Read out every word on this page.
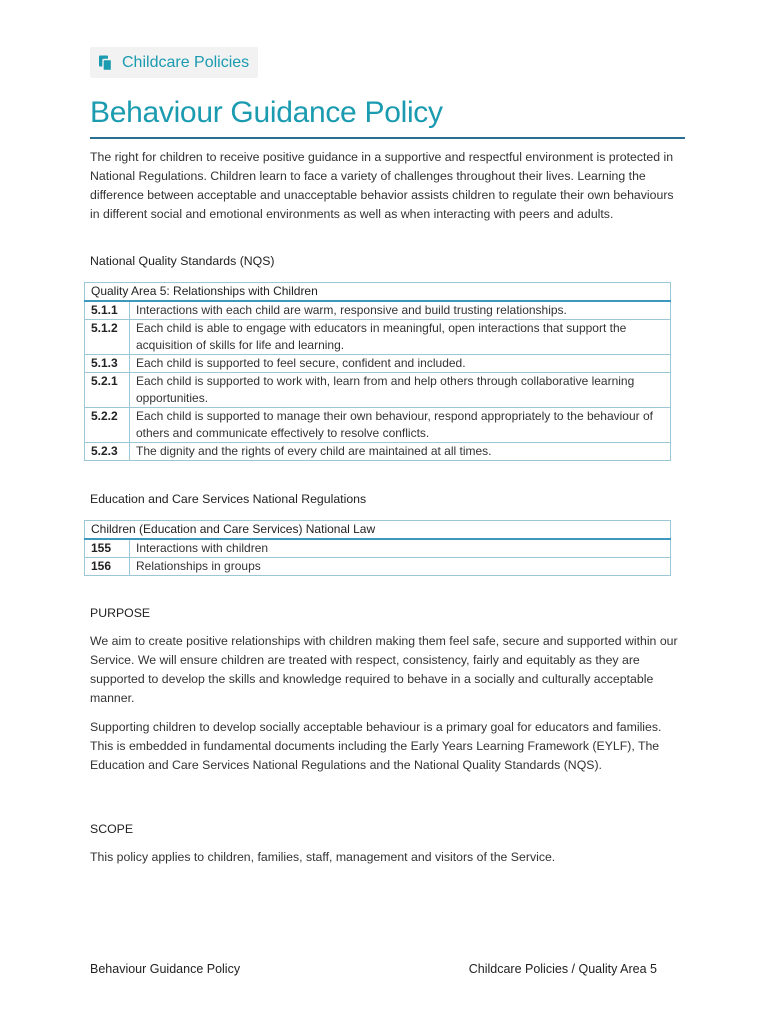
Childcare Policies
Behaviour Guidance Policy

The right for children to receive positive guidance in a supportive and respectful environment is protected in National Regulations. Children learn to face a variety of challenges throughout their lives. Learning the difference between acceptable and unacceptable behavior assists children to regulate their own behaviours in different social and emotional environments as well as when interacting with peers and adults.

National Quality Standards (NQS)

Quality Area 5: Relationships with Children	
5.1.1	Interactions with each child are warm, responsive and build trusting relationships.
5.1.2	Each child is able to engage with educators in meaningful, open interactions that support the acquisition of skills for life and learning.
5.1.3	Each child is supported to feel secure, confident and included.
5.2.1	Each child is supported to work with, learn from and help others through collaborative learning opportunities.
5.2.2	Each child is supported to manage their own behaviour, respond appropriately to the behaviour of others and communicate effectively to resolve conflicts.
5.2.3	The dignity and the rights of every child are maintained at all times.

Education and Care Services National Regulations

Children (Education and Care Services) National Law	
155	Interactions with children
156	Relationships in groups

PURPOSE

We aim to create positive relationships with children making them feel safe, secure and supported within our Service. We will ensure children are treated with respect, consistency, fairly and equitably as they are supported to develop the skills and knowledge required to behave in a socially and culturally acceptable manner.

Supporting children to develop socially acceptable behaviour is a primary goal for educators and families. This is embedded in fundamental documents including the Early Years Learning Framework (EYLF), The Education and Care Services National Regulations and the National Quality Standards (NQS).

SCOPE

This policy applies to children, families, staff, management and visitors of the Service.

Behaviour Guidance Policy	Childcare Policies / Quality Area 5
